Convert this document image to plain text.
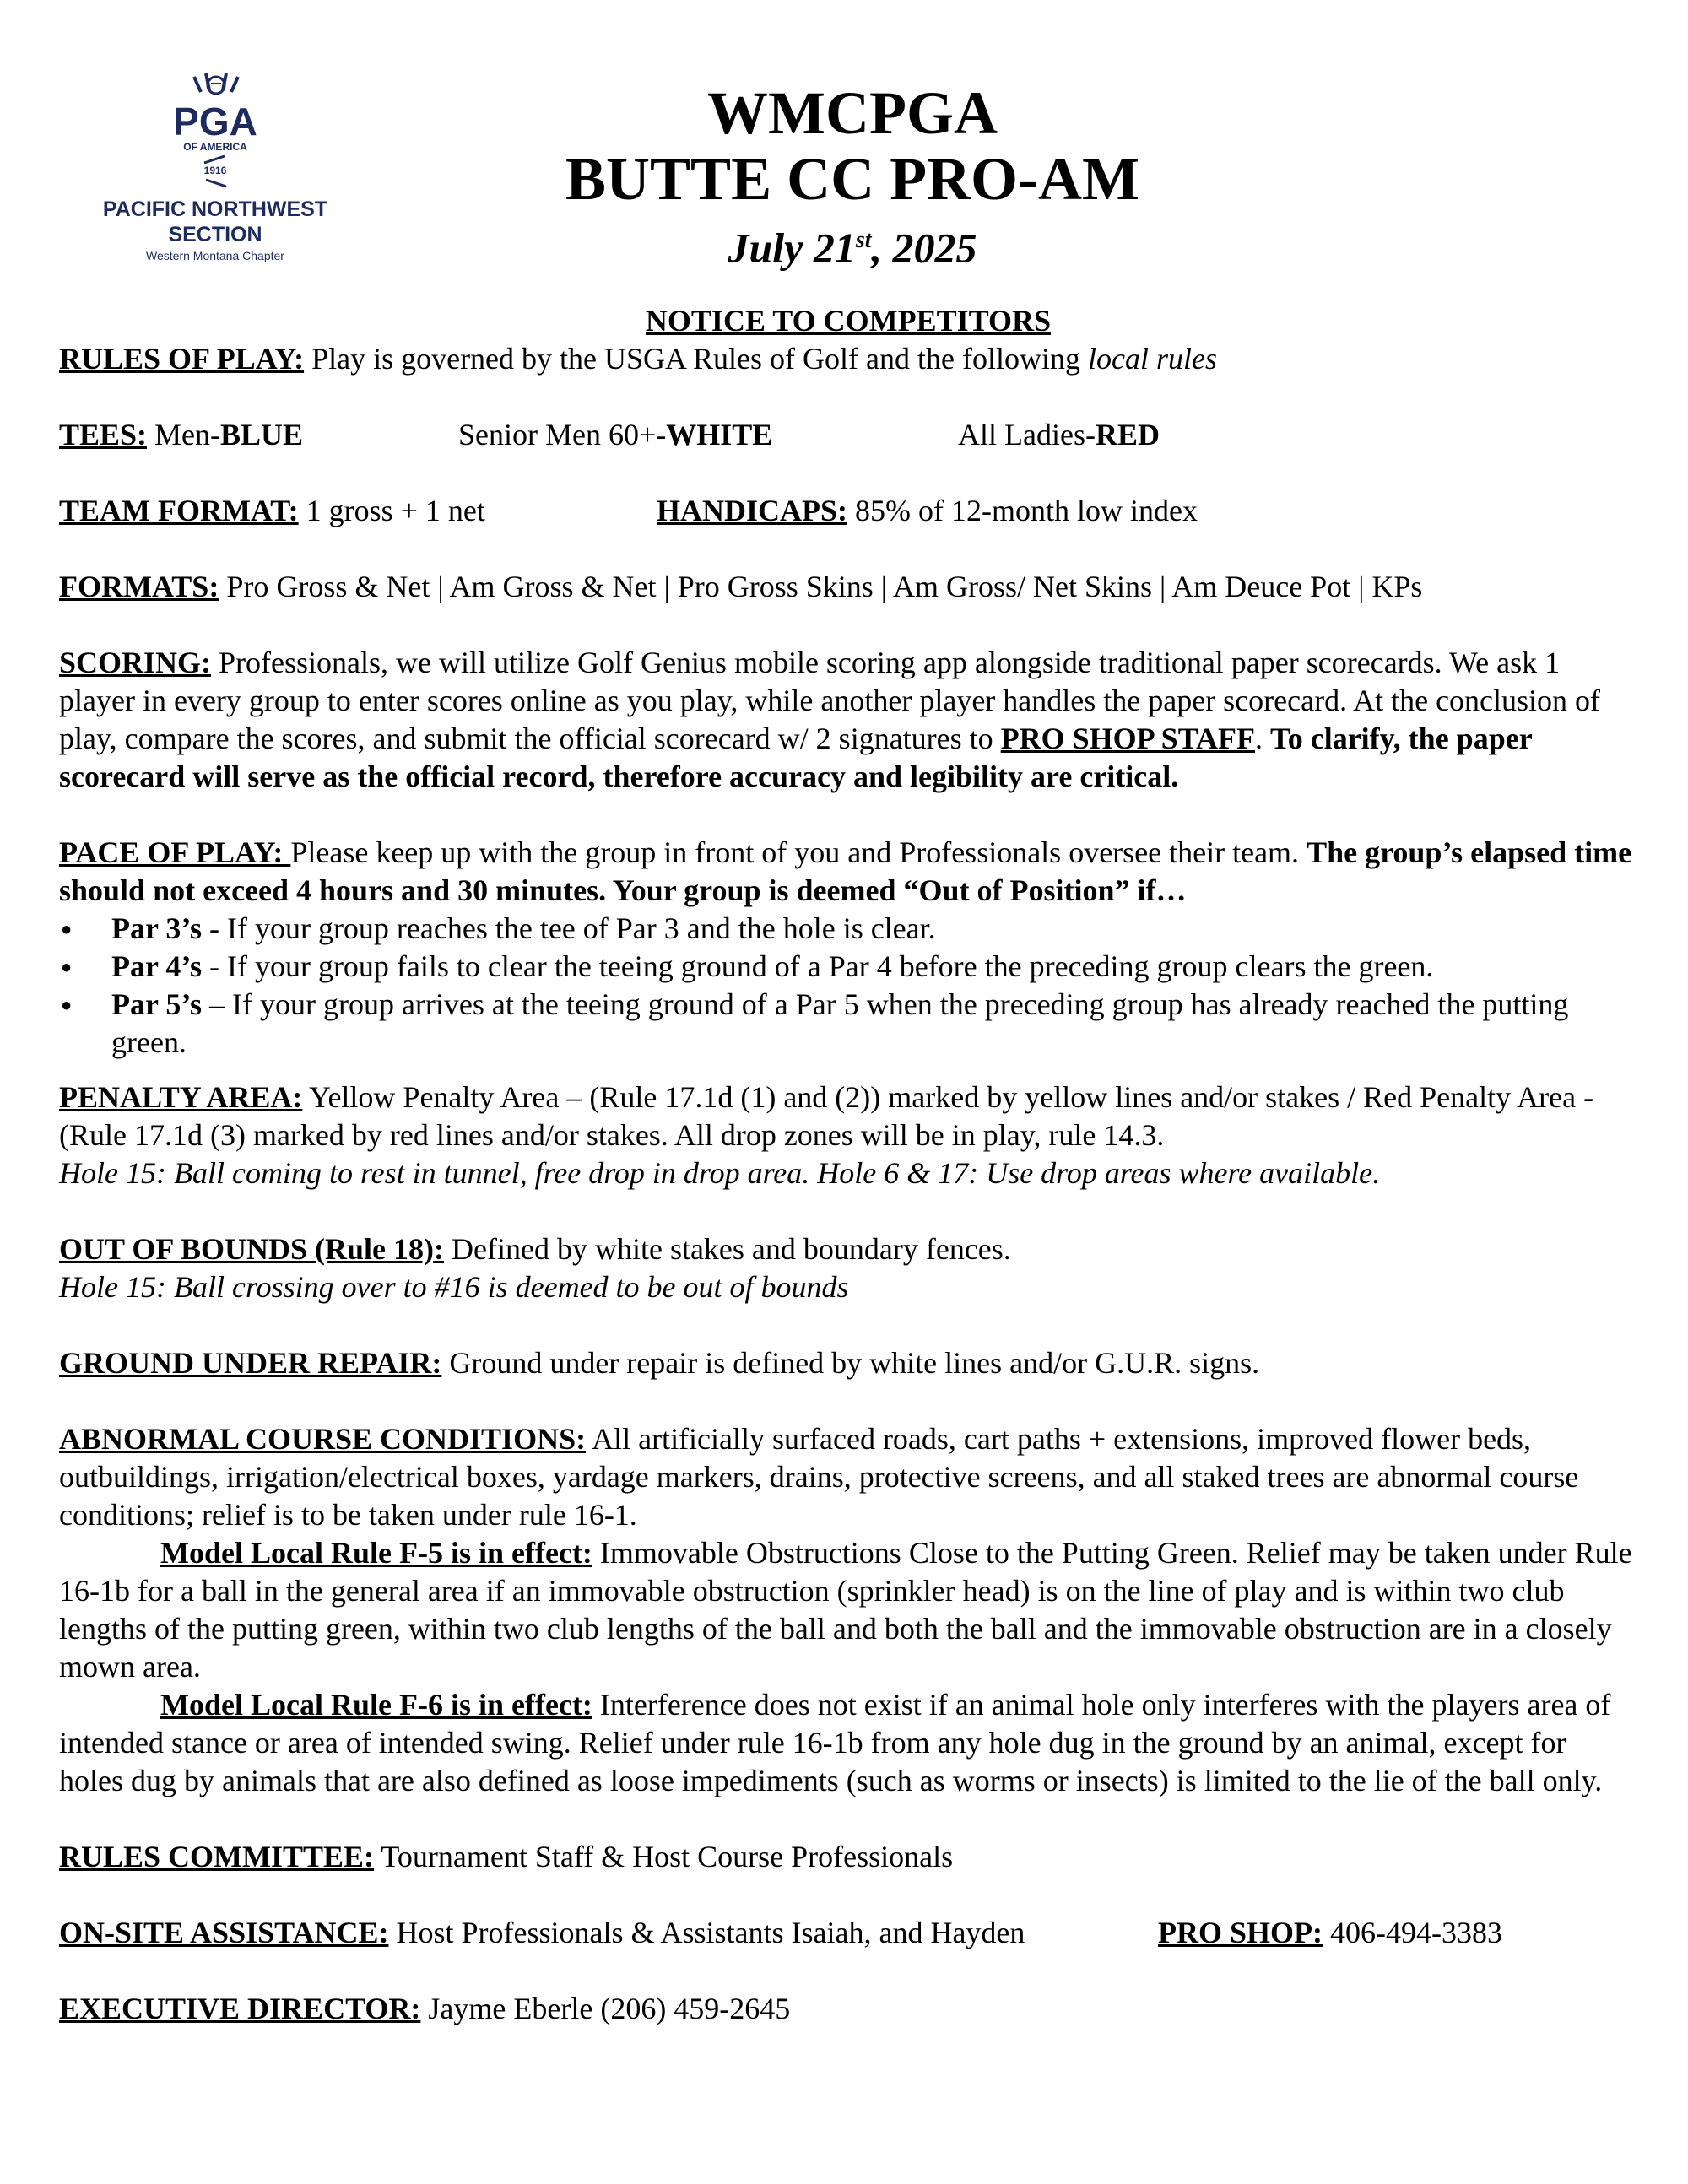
PGA
OF AMERICA
1916
PACIFIC NORTHWEST
SECTION
Western Montana Chapter
WMCPGA
BUTTE CC PRO-AM
July 21st, 2025

NOTICE TO COMPETITORS

RULES OF PLAY: Play is governed by the USGA Rules of Golf and the following local rules

TEES: Men-BLUE	Senior Men 60+-WHITE	All Ladies-RED
TEAM FORMAT: 1 gross + 1 net	HANDICAPS: 85% of 12-month low index

FORMATS: Pro Gross & Net | Am Gross & Net | Pro Gross Skins | Am Gross/ Net Skins | Am Deuce Pot | KPs

SCORING: Professionals, we will utilize Golf Genius mobile scoring app alongside traditional paper scorecards. We ask 1 player in every group to enter scores online as you play, while another player handles the paper scorecard. At the conclusion of play, compare the scores, and submit the official scorecard w/ 2 signatures to PRO SHOP STAFF. To clarify, the paper scorecard will serve as the official record, therefore accuracy and legibility are critical.

PACE OF PLAY: Please keep up with the group in front of you and Professionals oversee their team. The group’s elapsed time should not exceed 4 hours and 30 minutes. Your group is deemed “Out of Position” if…

● Par 3’s - If your group reaches the tee of Par 3 and the hole is clear.
● Par 4’s - If your group fails to clear the teeing ground of a Par 4 before the preceding group clears the green.
● Par 5’s – If your group arrives at the teeing ground of a Par 5 when the preceding group has already reached the putting green.

PENALTY AREA: Yellow Penalty Area – (Rule 17.1d (1) and (2)) marked by yellow lines and/or stakes / Red Penalty Area - (Rule 17.1d (3) marked by red lines and/or stakes. All drop zones will be in play, rule 14.3.

Hole 15: Ball coming to rest in tunnel, free drop in drop area. Hole 6 & 17: Use drop areas where available.

OUT OF BOUNDS (Rule 18): Defined by white stakes and boundary fences.

Hole 15: Ball crossing over to #16 is deemed to be out of bounds

GROUND UNDER REPAIR: Ground under repair is defined by white lines and/or G.U.R. signs.

ABNORMAL COURSE CONDITIONS: All artificially surfaced roads, cart paths + extensions, improved flower beds, outbuildings, irrigation/electrical boxes, yardage markers, drains, protective screens, and all staked trees are abnormal course conditions; relief is to be taken under rule 16-1.

Model Local Rule F-5 is in effect: Immovable Obstructions Close to the Putting Green. Relief may be taken under Rule 16-1b for a ball in the general area if an immovable obstruction (sprinkler head) is on the line of play and is within two club lengths of the putting green, within two club lengths of the ball and both the ball and the immovable obstruction are in a closely mown area.

Model Local Rule F-6 is in effect: Interference does not exist if an animal hole only interferes with the players area of intended stance or area of intended swing. Relief under rule 16-1b from any hole dug in the ground by an animal, except for holes dug by animals that are also defined as loose impediments (such as worms or insects) is limited to the lie of the ball only.

RULES COMMITTEE: Tournament Staff & Host Course Professionals

ON-SITE ASSISTANCE: Host Professionals & Assistants Isaiah, and Hayden	PRO SHOP: 406-494-3383

EXECUTIVE DIRECTOR: Jayme Eberle (206) 459-2645
